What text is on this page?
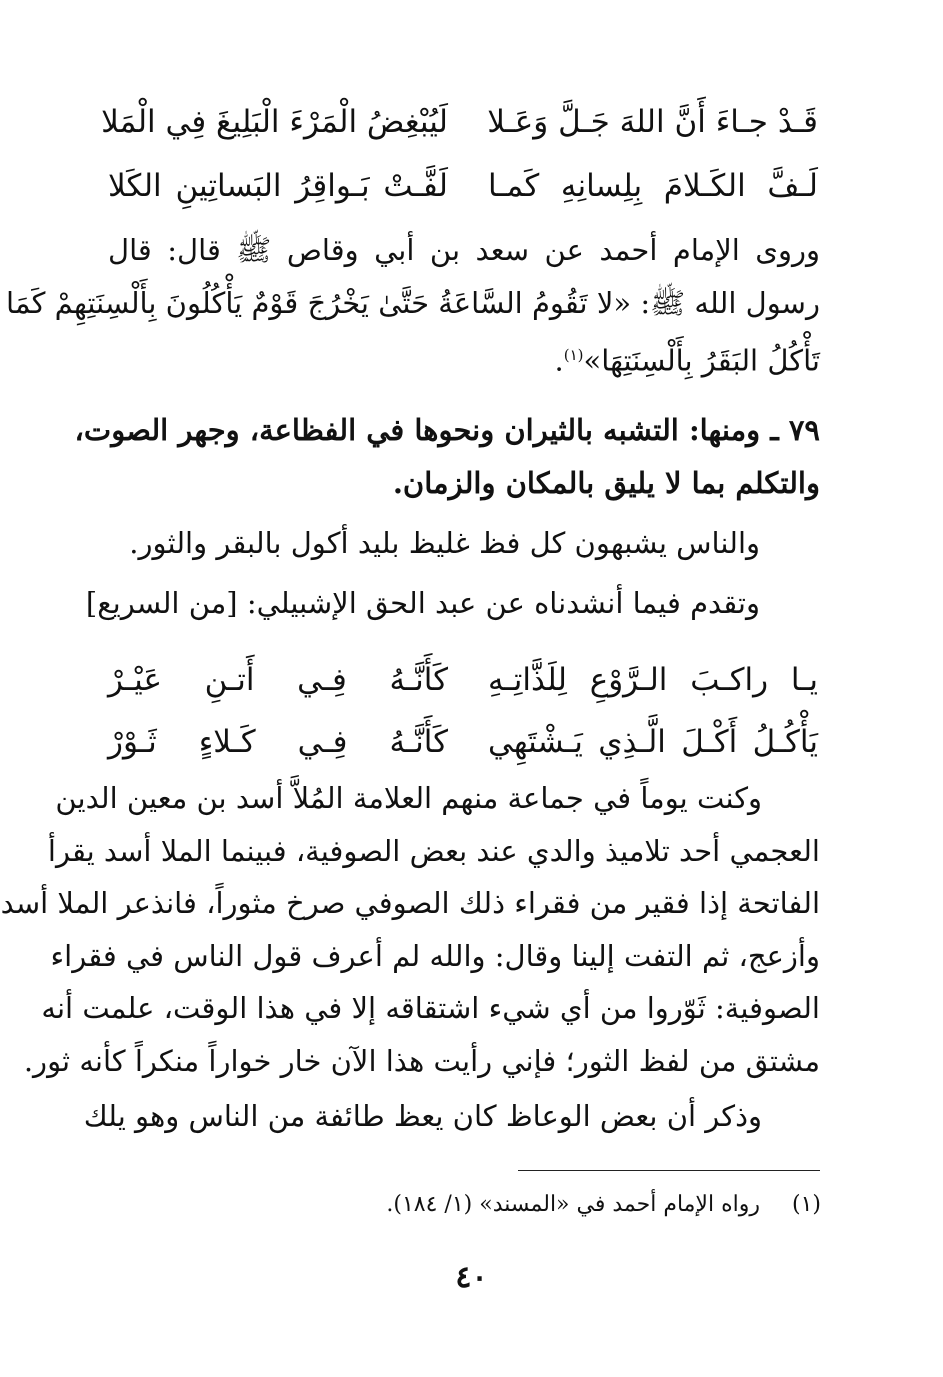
قَـدْ جـاءَ أَنَّ اللهَ جَـلَّ وَعَـلا
لَيُبْغِضُ الْمَرْءَ الْبَلِيغَ فِي الْمَلا
لَـفَّ الكَـلامَ بِلِسانِهِ كَمـا
لَفَّـتْ بَـواقِرُ البَساتِينِ الكَلا
وروى الإمام أحمد عن سعد بن أبي وقاص ﷺ قال: قال
رسول الله ﷺ: «لا تَقُومُ السَّاعَةُ حَتَّىٰ يَخْرُجَ قَوْمٌ يَأْكُلُونَ بِأَلْسِنَتِهِمْ كَمَا
تَأْكُلُ البَقَرُ بِأَلْسِنَتِهَا»$^{(١)}$.
٧٩ ـ ومنها: التشبه بالثيران ونحوها في الفظاعة، وجهر الصوت،
والتكلم بما لا يليق بالمكان والزمان.
والناس يشبهون كل فظ غليظ بليد أكول بالبقر والثور.
وتقدم فيما أنشدناه عن عبد الحق الإشبيلي: [من السريع]
يـا راكـبَ الـرَّوْعِ لِلَذَّاتِـهِ
كَأَنَّـهُ فِـي أَتـنِ عَيْـرْ
يَأْكُـلُ أَكْـلَ الَّـذِي يَـشْتَهِي
كَأَنَّـهُ فِـي كَـلاءٍ ثَـوْرْ
وكنت يوماً في جماعة منهم العلامة المُلاَّ أسد بن معين الدين
العجمي أحد تلاميذ والدي عند بعض الصوفية، فبينما الملا أسد يقرأ
الفاتحة إذا فقير من فقراء ذلك الصوفي صرخ مثوراً، فانذعر الملا أسد
وأزعج، ثم التفت إلينا وقال: والله لم أعرف قول الناس في فقراء
الصوفية: ثَوّروا من أي شيء اشتقاقه إلا في هذا الوقت، علمت أنه
مشتق من لفظ الثور؛ فإني رأيت هذا الآن خار خواراً منكراً كأنه ثور.
وذكر أن بعض الوعاظ كان يعظ طائفة من الناس وهو يلك
(١)  رواه الإمام أحمد في «المسند» (١/ ١٨٤).
٤٠
